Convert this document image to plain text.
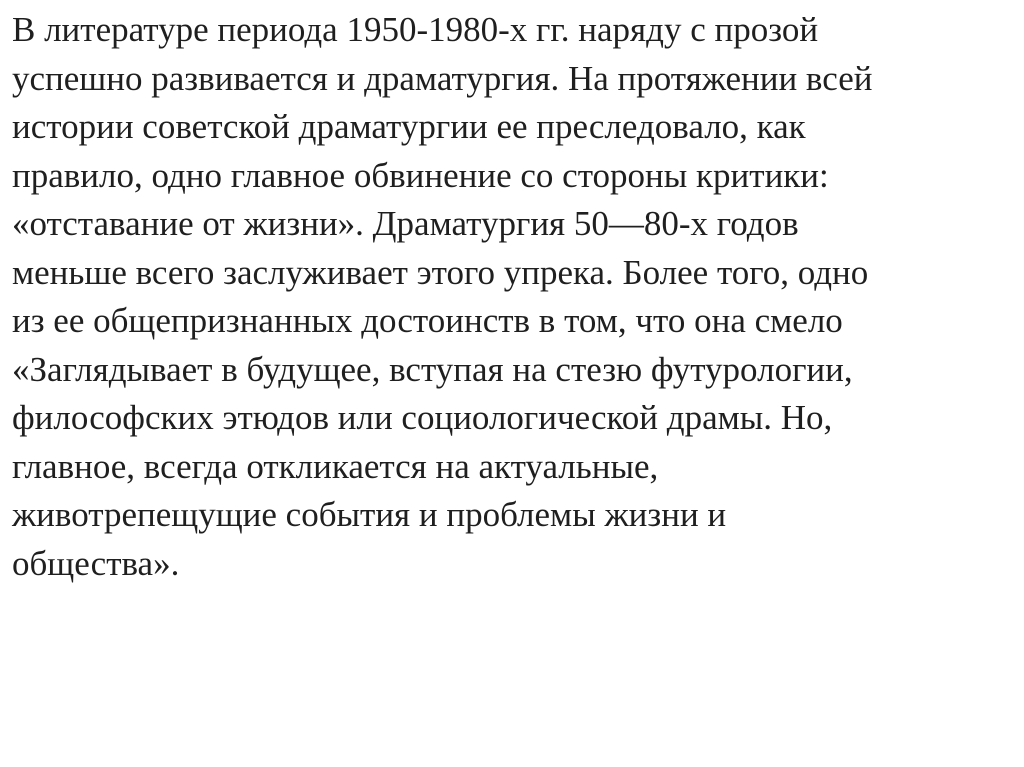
В литературе периода 1950-1980-х гг. наряду с прозой
успешно развивается и драматургия. На протяжении всей
истории советской драматургии ее преследовало, как
правило, одно главное обвинение со стороны критики:
«отставание от жизни». Драматургия 50—80-х годов
меньше всего заслуживает этого упрека. Более того, одно
из ее общепризнанных достоинств в том, что она смело
«Заглядывает в будущее, вступая на стезю футурологии,
философских этюдов или социологической драмы. Но,
главное, всегда откликается на актуальные,
животрепещущие события и проблемы жизни и
общества».
